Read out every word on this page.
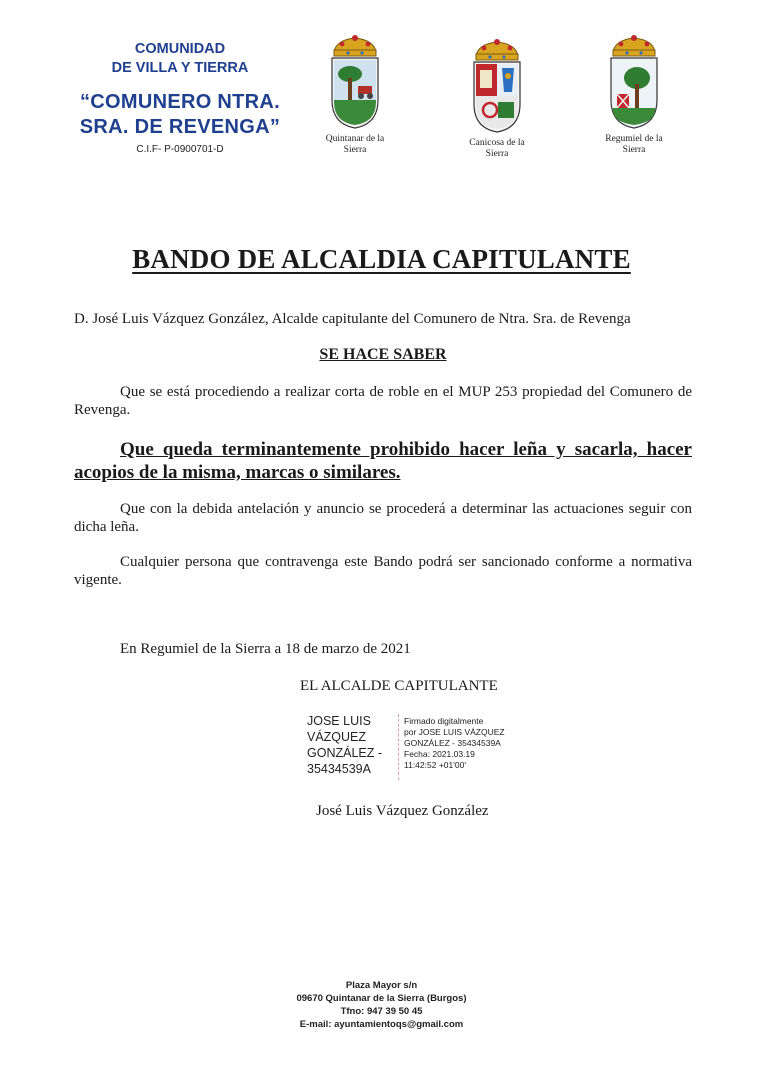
COMUNIDAD
DE VILLA Y TIERRA
“COMUNERO NTRA.
SRA. DE REVENGA”
C.I.F- P-0900701-D
Quintanar de la
Sierra
Canicosa de la
Sierra
Regumiel de la
Sierra
BANDO DE ALCALDIA CAPITULANTE
D. José Luis Vázquez González, Alcalde capitulante del Comunero de Ntra. Sra. de Revenga
SE HACE SABER
Que se está procediendo a realizar corta de roble en el MUP 253 propiedad del Comunero de Revenga.
Que queda terminantemente prohibido hacer leña y sacarla, hacer acopios de la misma, marcas o similares.
Que con la debida antelación y anuncio se procederá a determinar las actuaciones seguir con dicha leña.
Cualquier persona que contravenga este Bando podrá ser sancionado conforme a normativa vigente.
En Regumiel de la Sierra a 18 de marzo de 2021
EL ALCALDE CAPITULANTE
JOSE LUIS
VÁZQUEZ
GONZÁLEZ -
35434539A
Firmado digitalmente
por JOSE LUIS VÁZQUEZ
GONZÁLEZ - 35434539A
Fecha: 2021.03.19
11:42:52 +01'00'
José Luis Vázquez González
Plaza Mayor s/n
09670 Quintanar de la Sierra (Burgos)
Tfno: 947 39 50 45
E-mail: ayuntamientoqs@gmail.com
